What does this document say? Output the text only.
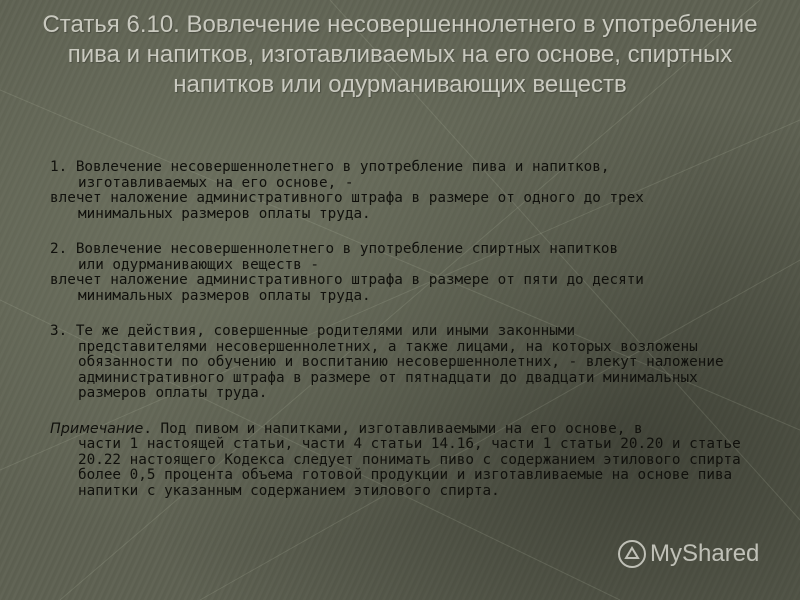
Статья 6.10. Вовлечение несовершеннолетнего в употребление пива и напитков, изготавливаемых на его основе, спиртных напитков или одурманивающих веществ

1. Вовлечение несовершеннолетнего в употребление пива и напитков,
изготавливаемых на его основе, -

влечет наложение административного штрафа в размере от одного до трех
минимальных размеров оплаты труда.

2. Вовлечение несовершеннолетнего в употребление спиртных напитков
или одурманивающих веществ -

влечет наложение административного штрафа в размере от пяти до десяти
минимальных размеров оплаты труда.

3. Те же действия, совершенные родителями или иными законными

представителями несовершеннолетних, а также лицами, на которых возложены обязанности по обучению и воспитанию несовершеннолетних, - влекут наложение административного штрафа в размере от пятнадцати до двадцати минимальных размеров оплаты труда.

Примечание. Под пивом и напитками, изготавливаемыми на его основе, в
части 1 настоящей статьи, части 4 статьи 14.16, части 1 статьи 20.20 и статье 20.22 настоящего Кодекса следует понимать пиво с содержанием этилового спирта более 0,5 процента объема готовой продукции и изготавливаемые на основе пива напитки с указанным содержанием этилового спирта.

MyShared
